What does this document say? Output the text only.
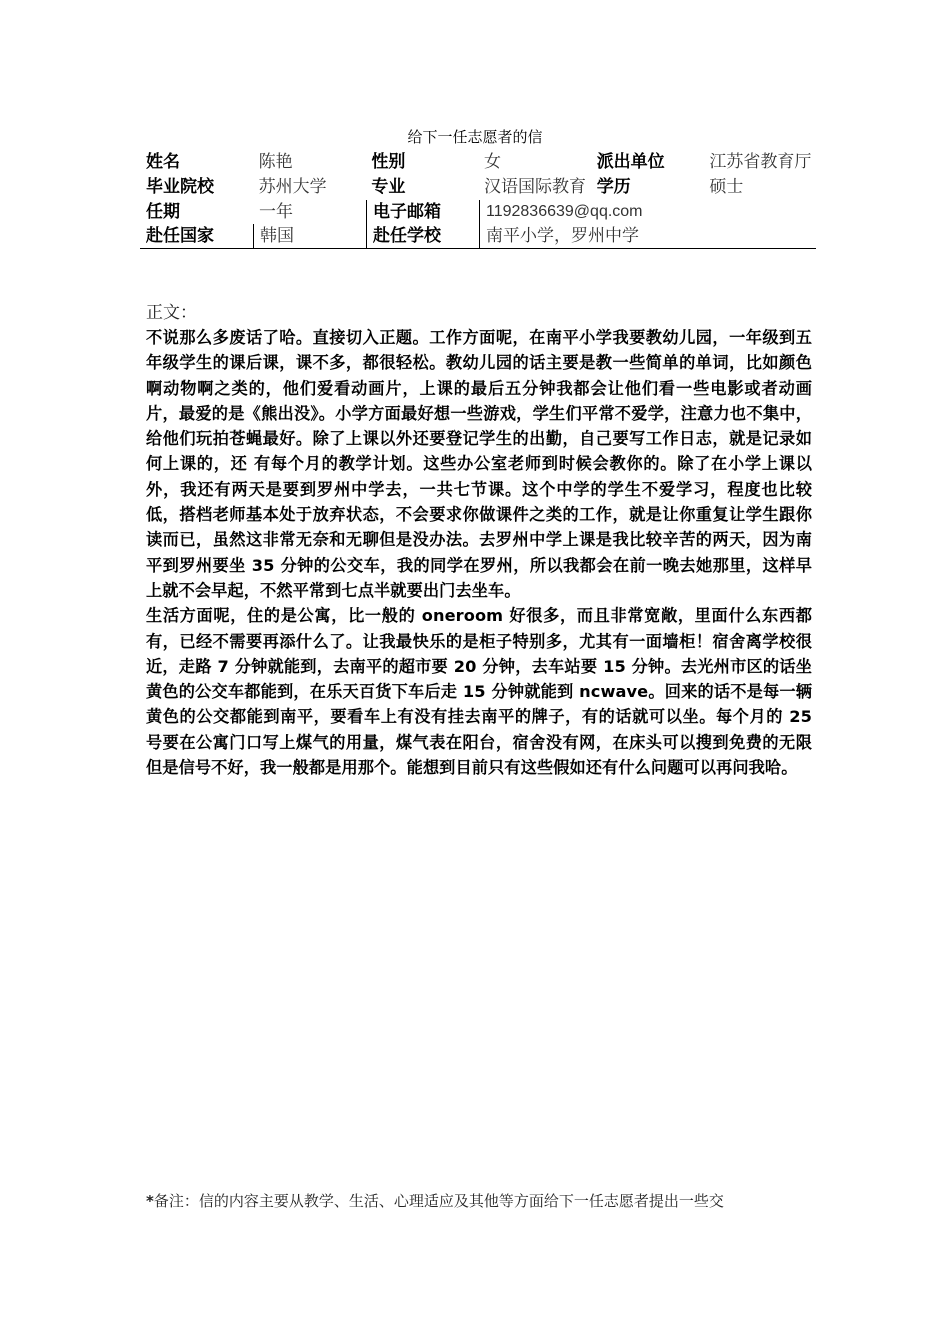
给下一任志愿者的信
姓名	陈艳	性别	女	派出单位	江苏省教育厅
毕业院校	苏州大学	专业	汉语国际教育 学历	硕士
任期	一年	电子邮箱	1192836639@qq.com
赴任国家	韩国	赴任学校	南平小学，罗州中学
正文：
不说那么多废话了哈。直接切入正题。工作方面呢，在南平小学我要教幼儿园，一年级到五年级学生的课后课，课不多，都很轻松。教幼儿园的话主要是教一些简单的单词，比如颜色啊动物啊之类的，他们爱看动画片，上课的最后五分钟我都会让他们看一些电影或者动画片，最爱的是《熊出没》。小学方面最好想一些游戏，学生们平常不爱学，注意力也不集中，给他们玩拍苍蝇最好。除了上课以外还要登记学生的出勤，自己要写工作日志，就是记录如何上课的，还 有每个月的教学计划。这些办公室老师到时候会教你的。除了在小学上课以外，我还有两天是要到罗州中学去，一共七节课。这个中学的学生不爱学习，程度也比较低，搭档老师基本处于放弃状态，不会要求你做课件之类的工作，就是让你重复让学生跟你读而已，虽然这非常无奈和无聊但是没办法。去罗州中学上课是我比较辛苦的两天，因为南平到罗州要坐 35 分钟的公交车，我的同学在罗州，所以我都会在前一晚去她那里，这样早上就不会早起，不然平常到七点半就要出门去坐车。
生活方面呢，住的是公寓，比一般的 oneroom 好很多，而且非常宽敞，里面什么东西都有，已经不需要再添什么了。让我最快乐的是柜子特别多，尤其有一面墙柜！宿舍离学校很近，走路 7 分钟就能到，去南平的超市要 20 分钟，去车站要 15 分钟。去光州市区的话坐黄色的公交车都能到，在乐天百货下车后走 15 分钟就能到 ncwave。回来的话不是每一辆黄色的公交都能到南平，要看车上有没有挂去南平的牌子，有的话就可以坐。每个月的 25 号要在公寓门口写上煤气的用量，煤气表在阳台，宿舍没有网，在床头可以搜到免费的无限但是信号不好，我一般都是用那个。能想到目前只有这些假如还有什么问题可以再问我哈。
*备注：信的内容主要从教学、生活、心理适应及其他等方面给下一任志愿者提出一些交
